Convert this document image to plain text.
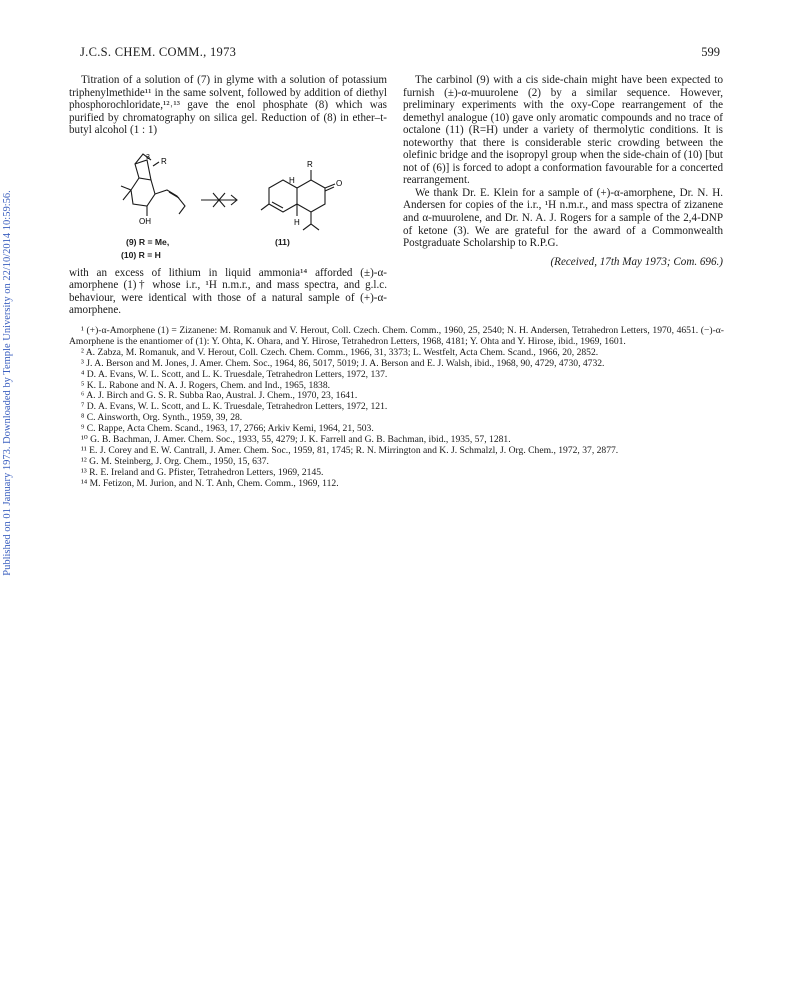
Published on 01 January 1973. Downloaded by Temple University on 22/10/2014 10:59:56.
J.C.S. CHEM. COMM., 1973	599

Titration of a solution of (7) in glyme with a solution of potassium triphenylmethide¹¹ in the same solvent, followed by addition of diethyl phosphorochloridate,¹²˒¹³ gave the enol phosphate (8) which was purified by chromatography on silica gel. Reduction of (8) in ether–t-butyl alcohol (1 : 1)

3 R
OH
H
R
O
H
(9) R = Me,
(10) R = H
(11)

with an excess of lithium in liquid ammonia¹⁴ afforded (±)-α-amorphene (1)† whose i.r., ¹H n.m.r., and mass spectra, and g.l.c. behaviour, were identical with those of a natural sample of (+)-α-amorphene.

The carbinol (9) with a cis side-chain might have been expected to furnish (±)-α-muurolene (2) by a similar sequence. However, preliminary experiments with the oxy-Cope rearrangement of the demethyl analogue (10) gave only aromatic compounds and no trace of octalone (11) (R=H) under a variety of thermolytic conditions. It is noteworthy that there is considerable steric crowding between the olefinic bridge and the isopropyl group when the side-chain of (10) [but not of (6)] is forced to adopt a conformation favourable for a concerted rearrangement.

We thank Dr. E. Klein for a sample of (+)-α-amorphene, Dr. N. H. Andersen for copies of the i.r., ¹H n.m.r., and mass spectra of zizanene and α-muurolene, and Dr. N. A. J. Rogers for a sample of the 2,4-DNP of ketone (3). We are grateful for the award of a Commonwealth Postgraduate Scholarship to R.P.G.

(Received, 17th May 1973; Com. 696.)

¹ (+)-α-Amorphene (1) = Zizanene: M. Romanuk and V. Herout, Coll. Czech. Chem. Comm., 1960, 25, 2540; N. H. Andersen, Tetrahedron Letters, 1970, 4651. (−)-α-Amorphene is the enantiomer of (1): Y. Ohta, K. Ohara, and Y. Hirose, Tetrahedron Letters, 1968, 4181; Y. Ohta and Y. Hirose, ibid., 1969, 1601.

² A. Zabza, M. Romanuk, and V. Herout, Coll. Czech. Chem. Comm., 1966, 31, 3373; L. Westfelt, Acta Chem. Scand., 1966, 20, 2852.

³ J. A. Berson and M. Jones, J. Amer. Chem. Soc., 1964, 86, 5017, 5019; J. A. Berson and E. J. Walsh, ibid., 1968, 90, 4729, 4730, 4732.

⁴ D. A. Evans, W. L. Scott, and L. K. Truesdale, Tetrahedron Letters, 1972, 137.

⁵ K. L. Rabone and N. A. J. Rogers, Chem. and Ind., 1965, 1838.

⁶ A. J. Birch and G. S. R. Subba Rao, Austral. J. Chem., 1970, 23, 1641.

⁷ D. A. Evans, W. L. Scott, and L. K. Truesdale, Tetrahedron Letters, 1972, 121.

⁸ C. Ainsworth, Org. Synth., 1959, 39, 28.

⁹ C. Rappe, Acta Chem. Scand., 1963, 17, 2766; Arkiv Kemi, 1964, 21, 503.

¹⁰ G. B. Bachman, J. Amer. Chem. Soc., 1933, 55, 4279; J. K. Farrell and G. B. Bachman, ibid., 1935, 57, 1281.

¹¹ E. J. Corey and E. W. Cantrall, J. Amer. Chem. Soc., 1959, 81, 1745; R. N. Mirrington and K. J. Schmalzl, J. Org. Chem., 1972, 37, 2877.

¹² G. M. Steinberg, J. Org. Chem., 1950, 15, 637.

¹³ R. E. Ireland and G. Pfister, Tetrahedron Letters, 1969, 2145.

¹⁴ M. Fetizon, M. Jurion, and N. T. Anh, Chem. Comm., 1969, 112.
